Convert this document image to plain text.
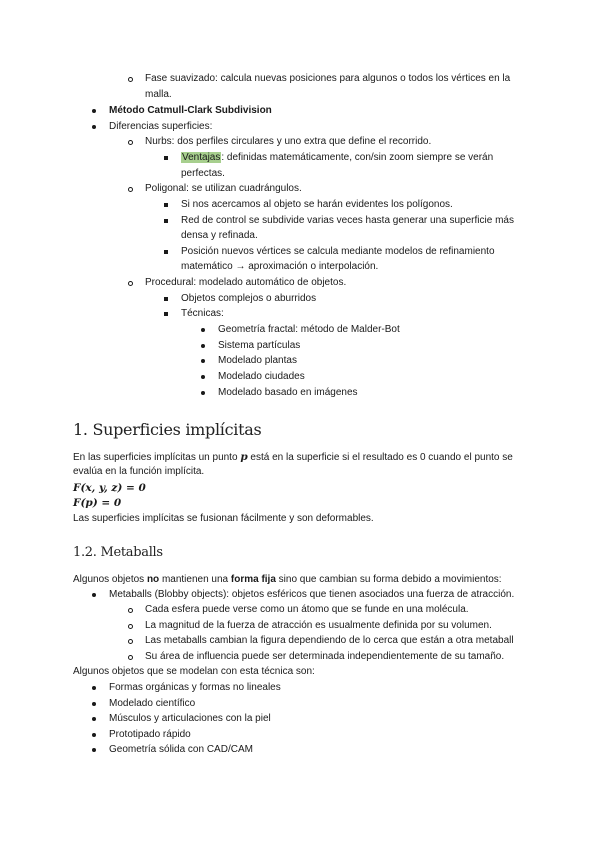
Fase suavizado: calcula nuevas posiciones para algunos o todos los vértices en la
malla.
Método Catmull-Clark Subdivision
Diferencias superficies:
Nurbs: dos perfiles circulares y uno extra que define el recorrido.
Ventajas: definidas matemáticamente, con/sin zoom siempre se verán
perfectas.
Poligonal: se utilizan cuadrángulos.
Si nos acercamos al objeto se harán evidentes los polígonos.
Red de control se subdivide varias veces hasta generar una superficie más
densa y refinada.
Posición nuevos vértices se calcula mediante modelos de refinamiento
matemático → aproximación o interpolación.
Procedural: modelado automático de objetos.
Objetos complejos o aburridos
Técnicas:
Geometría fractal: método de Malder-Bot
Sistema partículas
Modelado plantas
Modelado ciudades
Modelado basado en imágenes
1. Superficies implícitas
En las superficies implícitas un punto p está en la superficie si el resultado es 0 cuando el punto se
evalúa en la función implícita.
F(x, y, z) = 0
F(p) = 0
Las superficies implícitas se fusionan fácilmente y son deformables.
1.2. Metaballs
Algunos objetos no mantienen una forma fija sino que cambian su forma debido a movimientos:
Metaballs (Blobby objects): objetos esféricos que tienen asociados una fuerza de atracción.
Cada esfera puede verse como un átomo que se funde en una molécula.
La magnitud de la fuerza de atracción es usualmente definida por su volumen.
Las metaballs cambian la figura dependiendo de lo cerca que están a otra metaball
Su área de influencia puede ser determinada independientemente de su tamaño.
Algunos objetos que se modelan con esta técnica son:
Formas orgánicas y formas no lineales
Modelado científico
Músculos y articulaciones con la piel
Prototipado rápido
Geometría sólida con CAD/CAM
